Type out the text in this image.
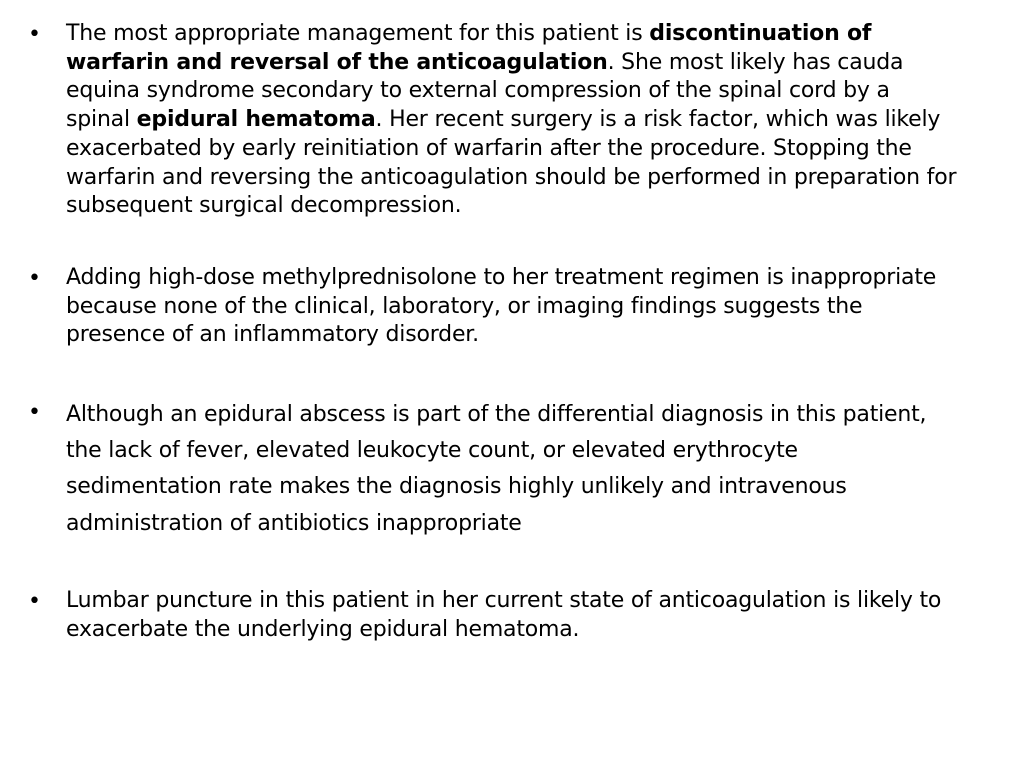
•	The most appropriate management for this patient is discontinuation of warfarin and reversal of the anticoagulation. She most likely has cauda equina syndrome secondary to external compression of the spinal cord by a spinal epidural hematoma. Her recent surgery is a risk factor, which was likely exacerbated by early reinitiation of warfarin after the procedure. Stopping the warfarin and reversing the anticoagulation should be performed in preparation for subsequent surgical decompression.
•	Adding high-dose methylprednisolone to her treatment regimen is inappropriate because none of the clinical, laboratory, or imaging findings suggests the presence of an inflammatory disorder.
•	Although an epidural abscess is part of the differential diagnosis in this patient, the lack of fever, elevated leukocyte count, or elevated erythrocyte sedimentation rate makes the diagnosis highly unlikely and intravenous administration of antibiotics inappropriate
•	Lumbar puncture in this patient in her current state of anticoagulation is likely to exacerbate the underlying epidural hematoma.
